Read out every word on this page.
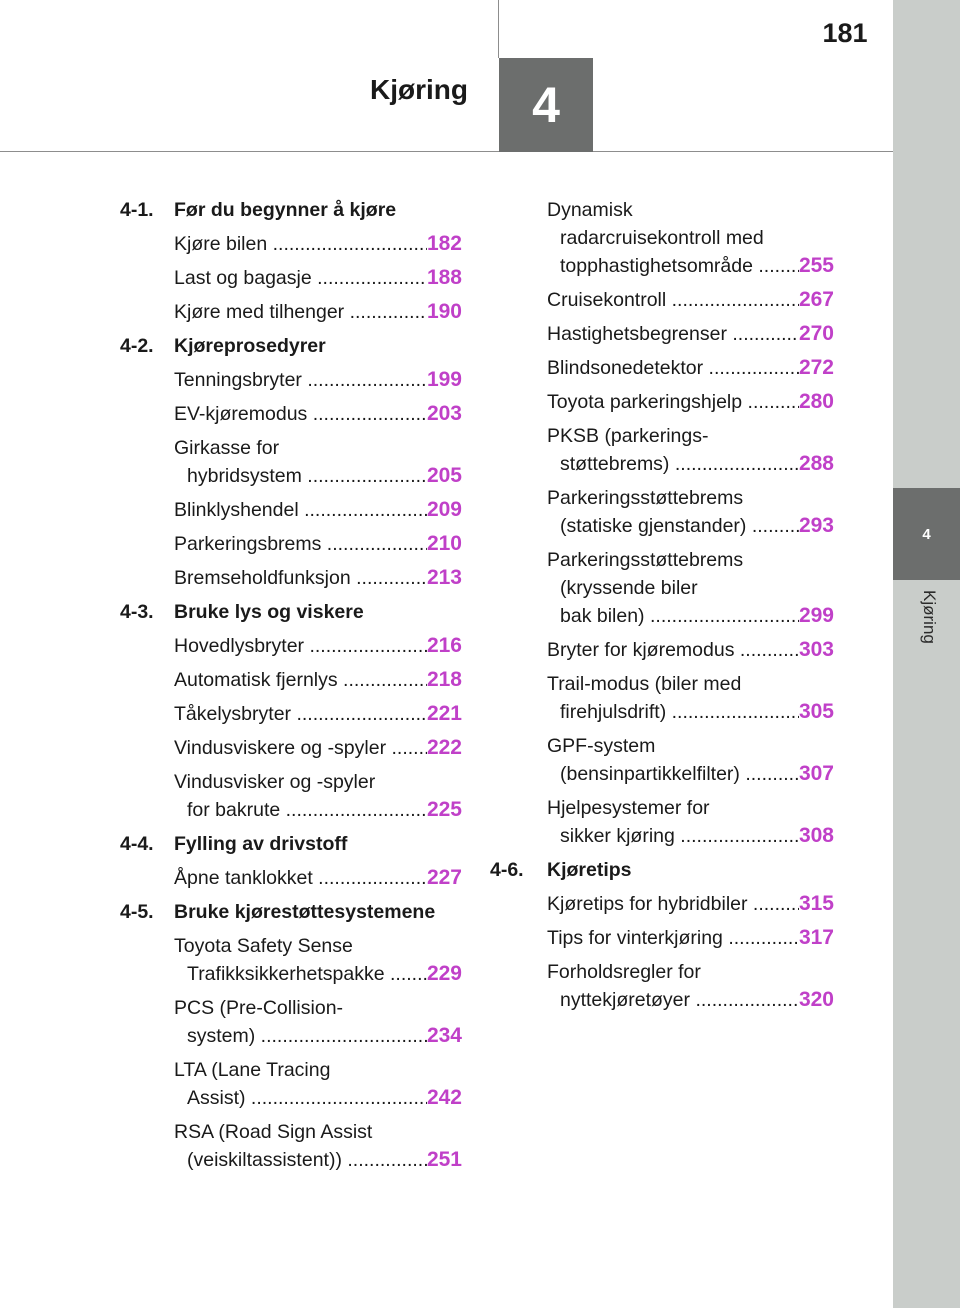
181
Kjøring	4
4
Kjøring
4-1.	Før du begynner å kjøre
Kjøre bilen .....	182
Last og bagasje .....	188
Kjøre med tilhenger .....	190
4-2.	Kjøreprosedyrer
Tenningsbryter .....	199
EV-kjøremodus .....	203
Girkasse for
hybridsystem .....	205
Blinklyshendel .....	209
Parkeringsbrems .....	210
Bremseholdfunksjon .....	213
4-3.	Bruke lys og viskere
Hovedlysbryter .....	216
Automatisk fjernlys .....	218
Tåkelysbryter .....	221
Vindusviskere og -spyler .....	222
Vindusvisker og -spyler
for bakrute .....	225
4-4.	Fylling av drivstoff
Åpne tanklokket .....	227
4-5.	Bruke kjørestøttesystemene
Toyota Safety Sense
Trafikksikkerhetspakke .....	229
PCS (Pre-Collision-
system) .....	234
LTA (Lane Tracing
Assist) .....	242
RSA (Road Sign Assist
(veiskiltassistent)) .....	251
Dynamisk
radarcruisekontroll med
topphastighetsområde .....	255
Cruisekontroll .....	267
Hastighetsbegrenser .....	270
Blindsonedetektor .....	272
Toyota parkeringshjelp .....	280
PKSB (parkerings-
støttebrems) .....	288
Parkeringsstøttebrems
(statiske gjenstander) .....	293
Parkeringsstøttebrems
(kryssende biler
bak bilen) .....	299
Bryter for kjøremodus .....	303
Trail-modus (biler med
firehjulsdrift) .....	305
GPF-system
(bensinpartikkelfilter) .....	307
Hjelpesystemer for
sikker kjøring .....	308
4-6.	Kjøretips
Kjøretips for hybridbiler .....	315
Tips for vinterkjøring .....	317
Forholdsregler for
nyttekjøretøyer .....	320
